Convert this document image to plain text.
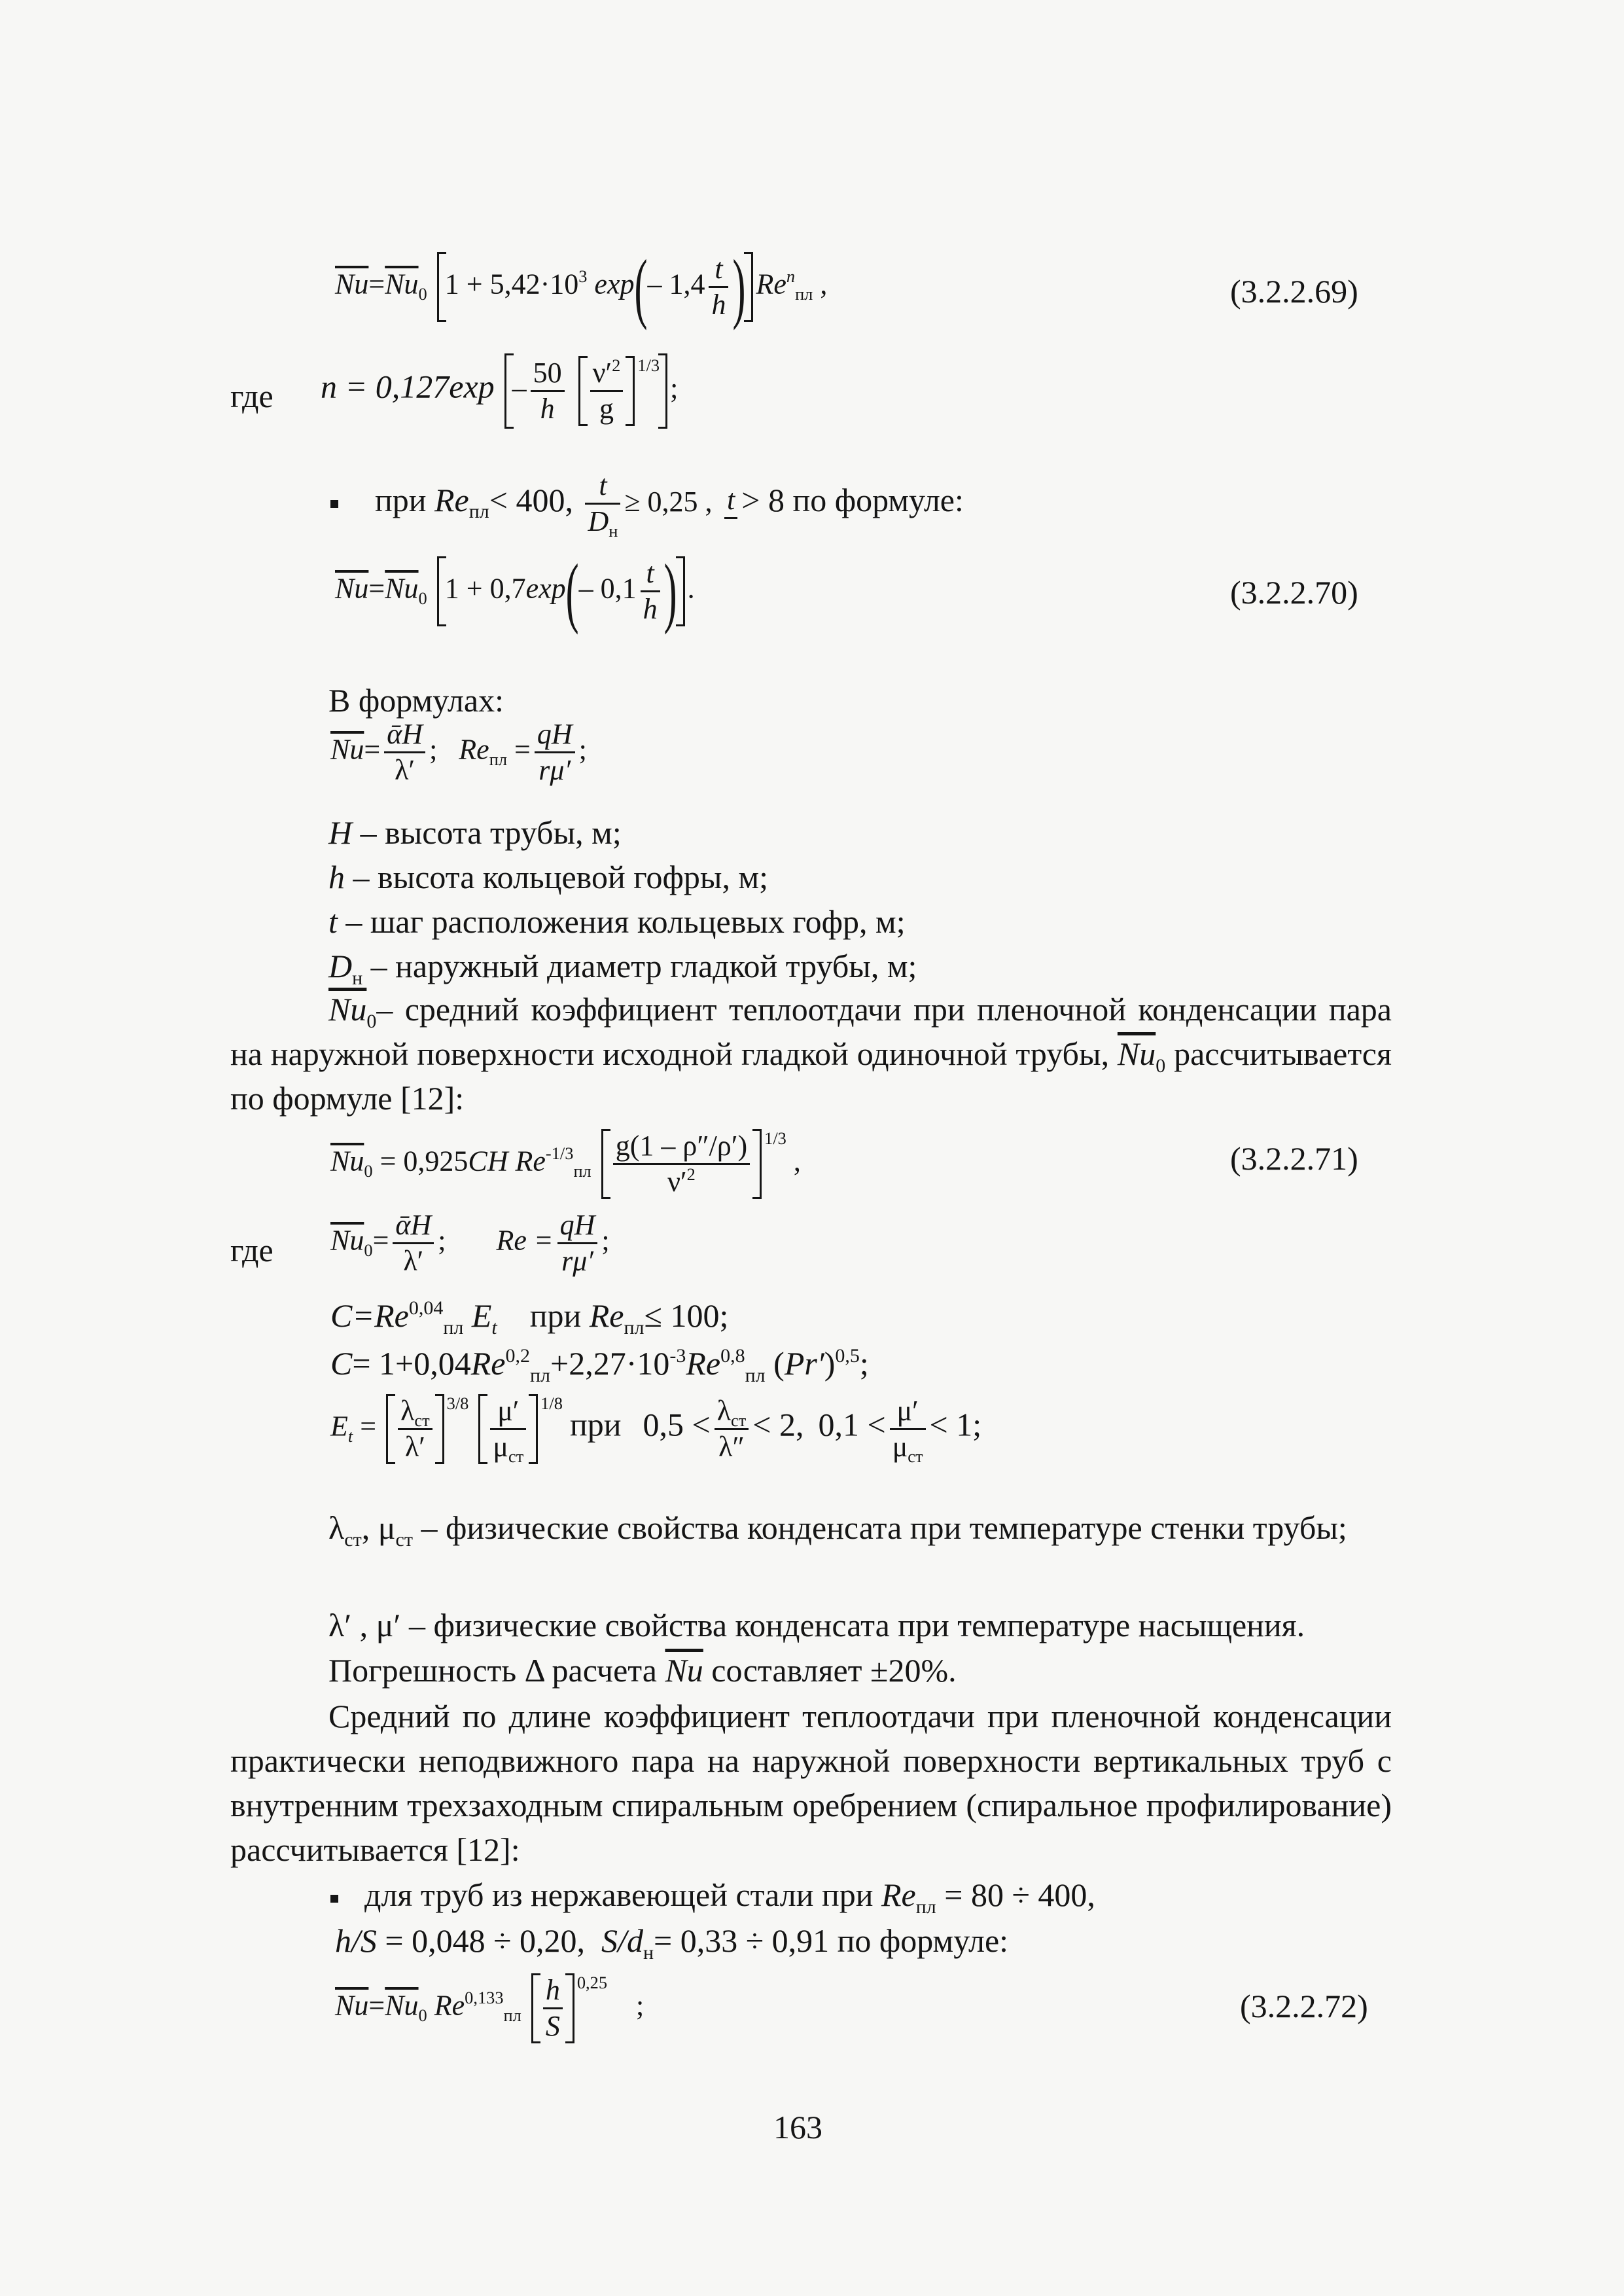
$\overline{Nu}=\overline{Nu}_0$ $1 + 5,42\cdot 10^3$ exp(– $1,4 \frac{t}{h}$ ) $Re^n_{пл}$ ,	(3.2.2.69)
где $n = 0,127\exp - \frac{50}{h}$
$\frac{\nu'^2}{g} ^{1/3}$;
при $Re_{пл}< 400$, $\frac{t}{D_н} \ge 0,25$ , t > 8 по формуле:
$\overline{Nu}=\overline{Nu}_0$ 1 + 0,7exp(– $0,1 \frac{t}{h}$ ) .	(3.2.2.70)
В формулах:
$\overline{Nu}= \frac{\text{ᾱH}}{\lambda'}$ ; $Re_{пл} = \frac{qH}{r\mu'}$ ;
H – высота трубы, м;
h – высота кольцевой гофры, м;
t – шаг расположения кольцевых гофр, м;
$D_н$ – наружный диаметр гладкой трубы, м;
$\overline{Nu}_0-$ средний коэффициент теплоотдачи при пленочной конденсации пара на наружной поверхности исходной гладкой одиночной трубы, $\overline{Nu}_0$ рассчитывается по формуле [12]:
$\overline{Nu}_0 = 0,925CH$ $Re^{-1/3}_{пл} \frac{g(1 - \rho''/\rho')}{\nu'^2} ^{1/3}$ ,	(3.2.2.71)
где $\overline{Nu}_0= \frac{\text{ᾱH}}{\lambda'}$ ; $Re = \frac{qH}{r\mu'}$ ;
C=Re$^{0,04}_{пл}$ $E_t$ при $Re_{пл}\le 100$;
$C= 1+0,04Re^{0,2}_{пл}+2,27\cdot 10^{-3}Re^{0,8}_{пл}$ $(Pr')^{0,5}$;
$E_t = \frac{\lambda_{ст}}{\lambda'} ^{3/8} \frac{\mu'}{\mu_{ст}} ^{1/8}$ при $0,5 < \frac{\lambda_{ст}}{\lambda''} < 2$, $0,1 < \frac{\mu'}{\mu_{ст}} < 1$;
$\lambda_{ст}$, $\mu_{ст}$ – физические свойства конденсата при температуре стенки трубы;
λ′ , μ′ – физические свойства конденсата при температуре насыщения.
Погрешность Δ расчета $\overline{Nu}$ составляет ±20%.
Средний по длине коэффициент теплоотдачи при пленочной конденсации практически неподвижного пара на наружной поверхности вертикальных труб с внутренним трехзаходным спиральным оребрением (спиральное профилирование) рассчитывается [12]:
для труб из нержавеющей стали при $Re_{пл} = 80 \div 400$,
h/S = 0,048 ÷ 0,20, $S/d_н= 0,33 \div 0,91$ по формуле:
$\overline{Nu}=\overline{Nu}_0$ $Re^{0,133}_{пл} \frac{h}{S} ^{0,25}$    ;	(3.2.2.72)
163
